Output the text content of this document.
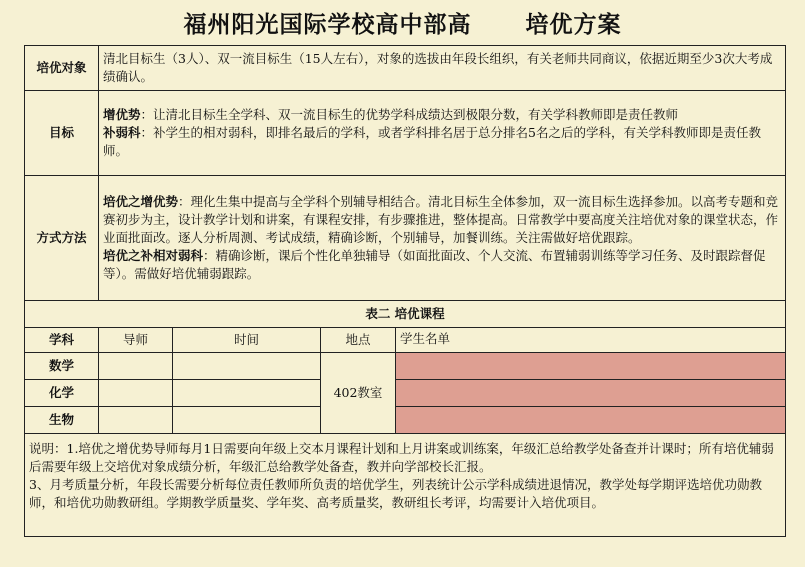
福州阳光国际学校高中部高      培优方案
培优对象	清北目标生（3人）、双一流目标生（15人左右），对象的选拔由年段长组织，有关老师共同商议，依据近期至少3次大考成绩确认。			
目标	增优势：让清北目标生全学科、双一流目标生的优势学科成绩达到极限分数，有关学科教师即是责任教师
补弱科：补学生的相对弱科，即排名最后的学科，或者学科排名居于总分排名5名之后的学科，有关学科教师即是责任教师。			
方式方法	培优之增优势：理化生集中提高与全学科个别辅导相结合。清北目标生全体参加，双一流目标生选择参加。以高考专题和竞赛初步为主，设计教学计划和讲案，有课程安排，有步骤推进，整体提高。日常教学中要高度关注培优对象的课堂状态，作业面批面改。逐人分析周测、考试成绩，精确诊断，个别辅导，加餐训练。关注需做好培优跟踪。
培优之补相对弱科：精确诊断，课后个性化单独辅导（如面批面改、个人交流、布置辅弱训练等学习任务、及时跟踪督促等）。需做好培优辅弱跟踪。			
表二 培优课程				
学科	导师	时间	地点	学生名单
数学			402教室	
化学				
生物				
说明：1.培优之增优势导师每月1日需要向年级上交本月课程计划和上月讲案或训练案，年级汇总给教学处备查并计课时；所有培优辅弱后需要年级上交培优对象成绩分析，年级汇总给教学处备查，教并向学部校长汇报。
3、月考质量分析，年段长需要分析每位责任教师所负责的培优学生，列表统计公示学科成绩进退情况，教学处每学期评选培优功勋教师，和培优功勋教研组。学期教学质量奖、学年奖、高考质量奖，教研组长考评，均需要计入培优项目。				
